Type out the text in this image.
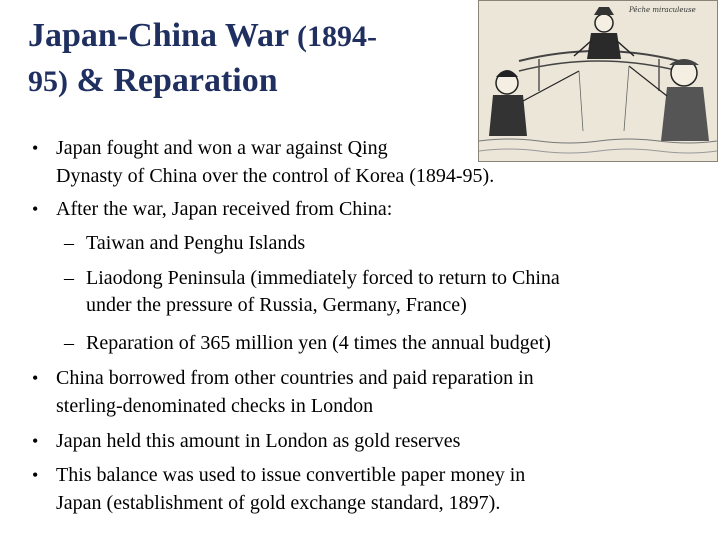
Japan-China War (1894-
95) & Reparation
Pêche miraculeuse
• Japan fought and won a war against Qing
Dynasty of China over the control of Korea (1894-95).
• After the war, Japan received from China:
– Taiwan and Penghu Islands
– Liaodong Peninsula (immediately forced to return to China
under the pressure of Russia, Germany, France)
– Reparation of 365 million yen (4 times the annual budget)
• China borrowed from other countries and paid reparation in
sterling-denominated checks in London
• Japan held this amount in London as gold reserves
• This balance was used to issue convertible paper money in
Japan (establishment of gold exchange standard, 1897).
